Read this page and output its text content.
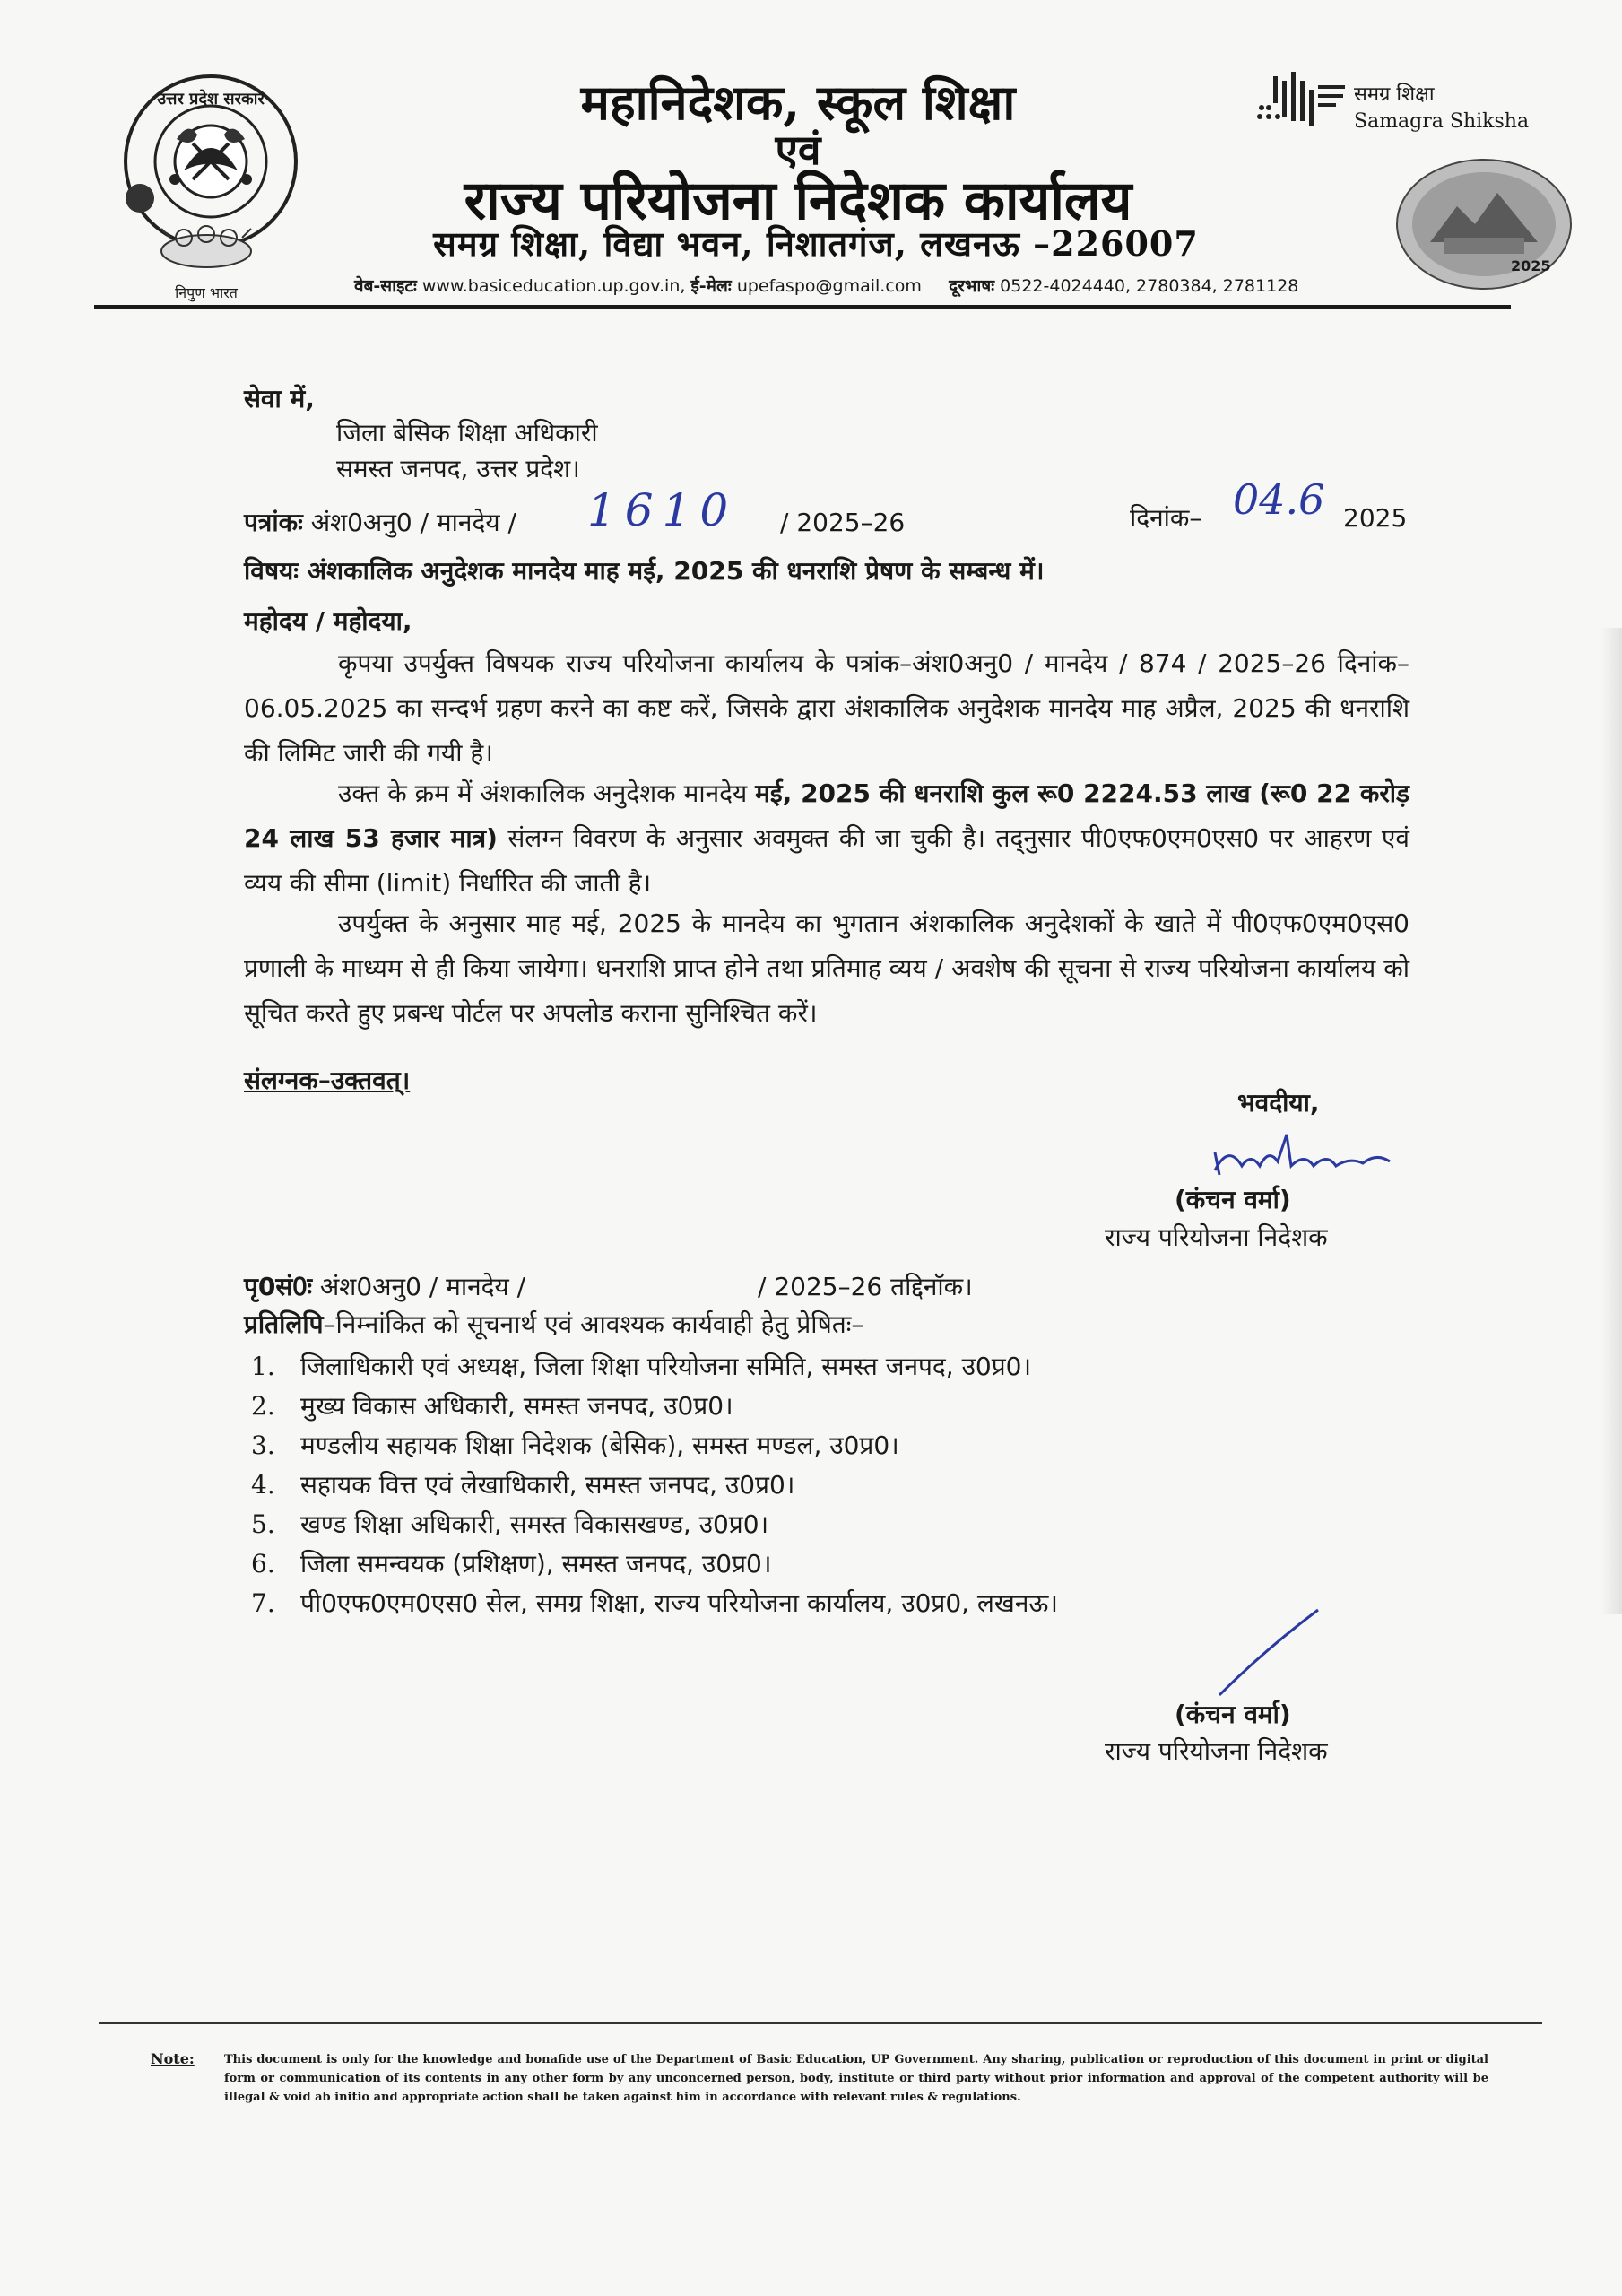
उत्तर प्रदेश सरकार
निपुण भारत
महानिदेशक, स्कूल शिक्षा
एवं
राज्य परियोजना निदेशक कार्यालय
समग्र शिक्षा, विद्या भवन, निशातगंज, लखनऊ –226007
वेब-साइटः www.basiceducation.up.gov.in, ई-मेलः upefaspo@gmail.com दूरभाषः 0522-4024440, 2780384, 2781128
समग्र शिक्षा
Samagra Shiksha
2025
सेवा में,
जिला बेसिक शिक्षा अधिकारी
समस्त जनपद, उत्तर प्रदेश।
पत्रांकः अंश0अनु0 / मानदेय / 1610 / 2025–26	दिनांक– 04.6 2025
विषयः अंशकालिक अनुदेशक मानदेय माह मई, 2025 की धनराशि प्रेषण के सम्बन्ध में।
महोदय / महोदया,
कृपया उपर्युक्त विषयक राज्य परियोजना कार्यालय के पत्रांक–अंश0अनु0 / मानदेय / 874 / 2025–26 दिनांक–06.05.2025 का सन्दर्भ ग्रहण करने का कष्ट करें, जिसके द्वारा अंशकालिक अनुदेशक मानदेय माह अप्रैल, 2025 की धनराशि की लिमिट जारी की गयी है।
उक्त के क्रम में अंशकालिक अनुदेशक मानदेय मई, 2025 की धनराशि कुल रू0 2224.53 लाख (रू0 22 करोड़ 24 लाख 53 हजार मात्र) संलग्न विवरण के अनुसार अवमुक्त की जा चुकी है। तद्नुसार पी0एफ0एम0एस0 पर आहरण एवं व्यय की सीमा (limit) निर्धारित की जाती है।
उपर्युक्त के अनुसार माह मई, 2025 के मानदेय का भुगतान अंशकालिक अनुदेशकों के खाते में पी0एफ0एम0एस0 प्रणाली के माध्यम से ही किया जायेगा। धनराशि प्राप्त होने तथा प्रतिमाह व्यय / अवशेष की सूचना से राज्य परियोजना कार्यालय को सूचित करते हुए प्रबन्ध पोर्टल पर अपलोड कराना सुनिश्चित करें।
संलग्नक–उक्तवत्।
भवदीया,
(कंचन वर्मा)
राज्य परियोजना निदेशक
पृ0सं0ः अंश0अनु0 / मानदेय /	/ 2025–26 तद्दिनॉक।
प्रतिलिपि–निम्नांकित को सूचनार्थ एवं आवश्यक कार्यवाही हेतु प्रेषितः–
1.	जिलाधिकारी एवं अध्यक्ष, जिला शिक्षा परियोजना समिति, समस्त जनपद, उ0प्र0।
2.	मुख्य विकास अधिकारी, समस्त जनपद, उ0प्र0।
3.	मण्डलीय सहायक शिक्षा निदेशक (बेसिक), समस्त मण्डल, उ0प्र0।
4.	सहायक वित्त एवं लेखाधिकारी, समस्त जनपद, उ0प्र0।
5.	खण्ड शिक्षा अधिकारी, समस्त विकासखण्ड, उ0प्र0।
6.	जिला समन्वयक (प्रशिक्षण), समस्त जनपद, उ0प्र0।
7.	पी0एफ0एम0एस0 सेल, समग्र शिक्षा, राज्य परियोजना कार्यालय, उ0प्र0, लखनऊ।
(कंचन वर्मा)
राज्य परियोजना निदेशक
Note:	This document is only for the knowledge and bonafide use of the Department of Basic Education, UP Government. Any sharing, publication or reproduction of this document in print or digital form or communication of its contents in any other form by any unconcerned person, body, institute or third party without prior information and approval of the competent authority will be illegal & void ab initio and appropriate action shall be taken against him in accordance with relevant rules & regulations.
